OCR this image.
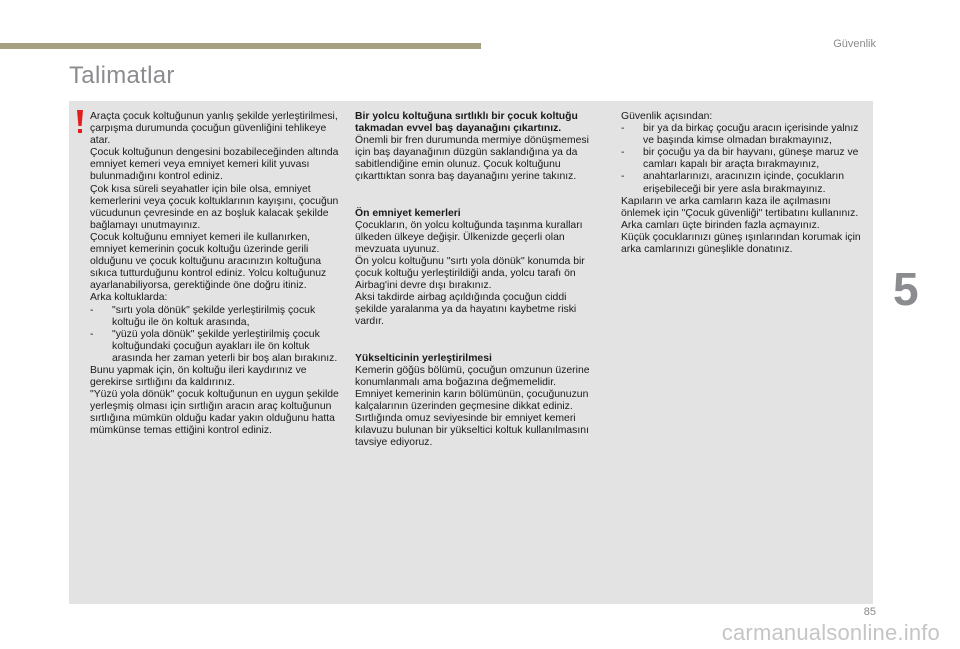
Güvenlik
Talimatlar

Araçta çocuk koltuğunun yanlış şekilde yerleştirilmesi, çarpışma durumunda çocuğun güvenliğini tehlikeye atar.

Çocuk koltuğunun dengesini bozabileceğinden altında emniyet kemeri veya emniyet kemeri kilit yuvası bulunmadığını kontrol ediniz.

Çok kısa süreli seyahatler için bile olsa, emniyet kemerlerini veya çocuk koltuklarının kayışını, çocuğun vücudunun çevresinde en az boşluk kalacak şekilde bağlamayı unutmayınız.

Çocuk koltuğunu emniyet kemeri ile kullanırken, emniyet kemerinin çocuk koltuğu üzerinde gerili olduğunu ve çocuk koltuğunu aracınızın koltuğuna sıkıca tutturduğunu kontrol ediniz. Yolcu koltuğunuz ayarlanabiliyorsa, gerektiğinde öne doğru itiniz.

Arka koltuklarda:

- "sırtı yola dönük" şekilde yerleştirilmiş çocuk koltuğu ile ön koltuk arasında,
- "yüzü yola dönük" şekilde yerleştirilmiş çocuk koltuğundaki çocuğun ayakları ile ön koltuk arasında her zaman yeterli bir boş alan bırakınız.

Bunu yapmak için, ön koltuğu ileri kaydırınız ve gerekirse sırtlığını da kaldırınız.

"Yüzü yola dönük" çocuk koltuğunun en uygun şekilde yerleşmiş olması için sırtlığın aracın araç koltuğunun sırtlığına mümkün olduğu kadar yakın olduğunu hatta mümkünse temas ettiğini kontrol ediniz.

Bir yolcu koltuğuna sırtlıklı bir çocuk koltuğu takmadan evvel baş dayanağını çıkartınız.

Önemli bir fren durumunda mermiye dönüşmemesi için baş dayanağının düzgün saklandığına ya da sabitlendiğine emin olunuz. Çocuk koltuğunu çıkarttıktan sonra baş dayanağını yerine takınız.

Ön emniyet kemerleri

Çocukların, ön yolcu koltuğunda taşınma kuralları ülkeden ülkeye değişir. Ülkenizde geçerli olan mevzuata uyunuz.

Ön yolcu koltuğunu "sırtı yola dönük" konumda bir çocuk koltuğu yerleştirildiği anda, yolcu tarafı ön Airbag'ini devre dışı bırakınız.

Aksi takdirde airbag açıldığında çocuğun ciddi şekilde yaralanma ya da hayatını kaybetme riski vardır.

Yükselticinin yerleştirilmesi

Kemerin göğüs bölümü, çocuğun omzunun üzerine konumlanmalı ama boğazına değmemelidir.

Emniyet kemerinin karın bölümünün, çocuğunuzun kalçalarının üzerinden geçmesine dikkat ediniz.

Sırtlığında omuz seviyesinde bir emniyet kemeri kılavuzu bulunan bir yükseltici koltuk kullanılmasını tavsiye ediyoruz.

Güvenlik açısından:

- bir ya da birkaç çocuğu aracın içerisinde yalnız ve başında kimse olmadan bırakmayınız,
- bir çocuğu ya da bir hayvanı, güneşe maruz ve camları kapalı bir araçta bırakmayınız,
- anahtarlarınızı, aracınızın içinde, çocukların erişebileceği bir yere asla bırakmayınız.

Kapıların ve arka camların kaza ile açılmasını önlemek için "Çocuk güvenliği" tertibatını kullanınız.

Arka camları üçte birinden fazla açmayınız.

Küçük çocuklarınızı güneş ışınlarından korumak için arka camlarınızı güneşlikle donatınız.

5
85
carmanualsonline.info
